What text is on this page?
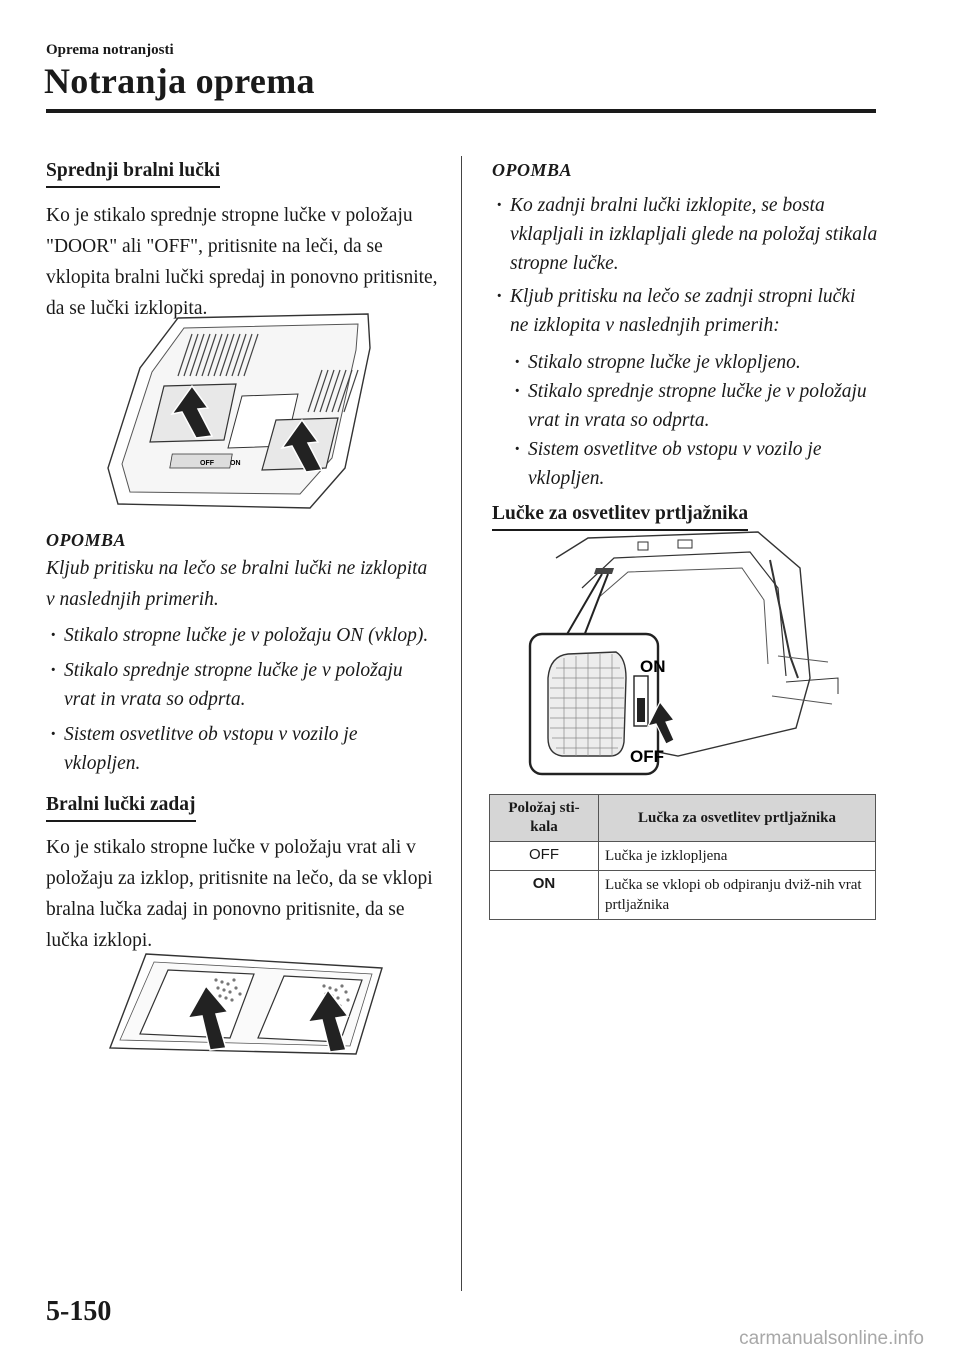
Oprema notranjosti
Notranja oprema
Sprednji bralni lučki

Ko je stikalo sprednje stropne lučke v položaju "DOOR" ali "OFF", pritisnite na leči, da se vklopita bralni lučki spredaj in ponovno pritisnite, da se lučki izklopita.

OFF ON

OPOMBA

Kljub pritisku na lečo se bralni lučki ne izklopita v naslednjih primerih.

· Stikalo stropne lučke je v položaju ON (vklop).
· Stikalo sprednje stropne lučke je v položaju vrat in vrata so odprta.
· Sistem osvetlitve ob vstopu v vozilo je vklopljen.
Bralni lučki zadaj

Ko je stikalo stropne lučke v položaju vrat ali v položaju za izklop, pritisnite na lečo, da se vklopi bralna lučka zadaj in ponovno pritisnite, da se lučka izklopi.

OPOMBA

· Ko zadnji bralni lučki izklopite, se bosta vklapljali in izklapljali glede na položaj stikala stropne lučke.
· Kljub pritisku na lečo se zadnji stropni lučki ne izklopita v naslednjih primerih:
· Stikalo stropne lučke je vklopljeno.
· Stikalo sprednje stropne lučke je v položaju vrat in vrata so odprta.
· Sistem osvetlitve ob vstopu v vozilo je vklopljen.
Lučke za osvetlitev prtljažnika
ON
OFF
Položaj sti-kala	Lučka za osvetlitev prtljažnika
OFF	Lučka je izklopljena
ON	Lučka se vklopi ob odpiranju dviž-nih vrat prtljažnika
5-150
carmanualsonline.info
